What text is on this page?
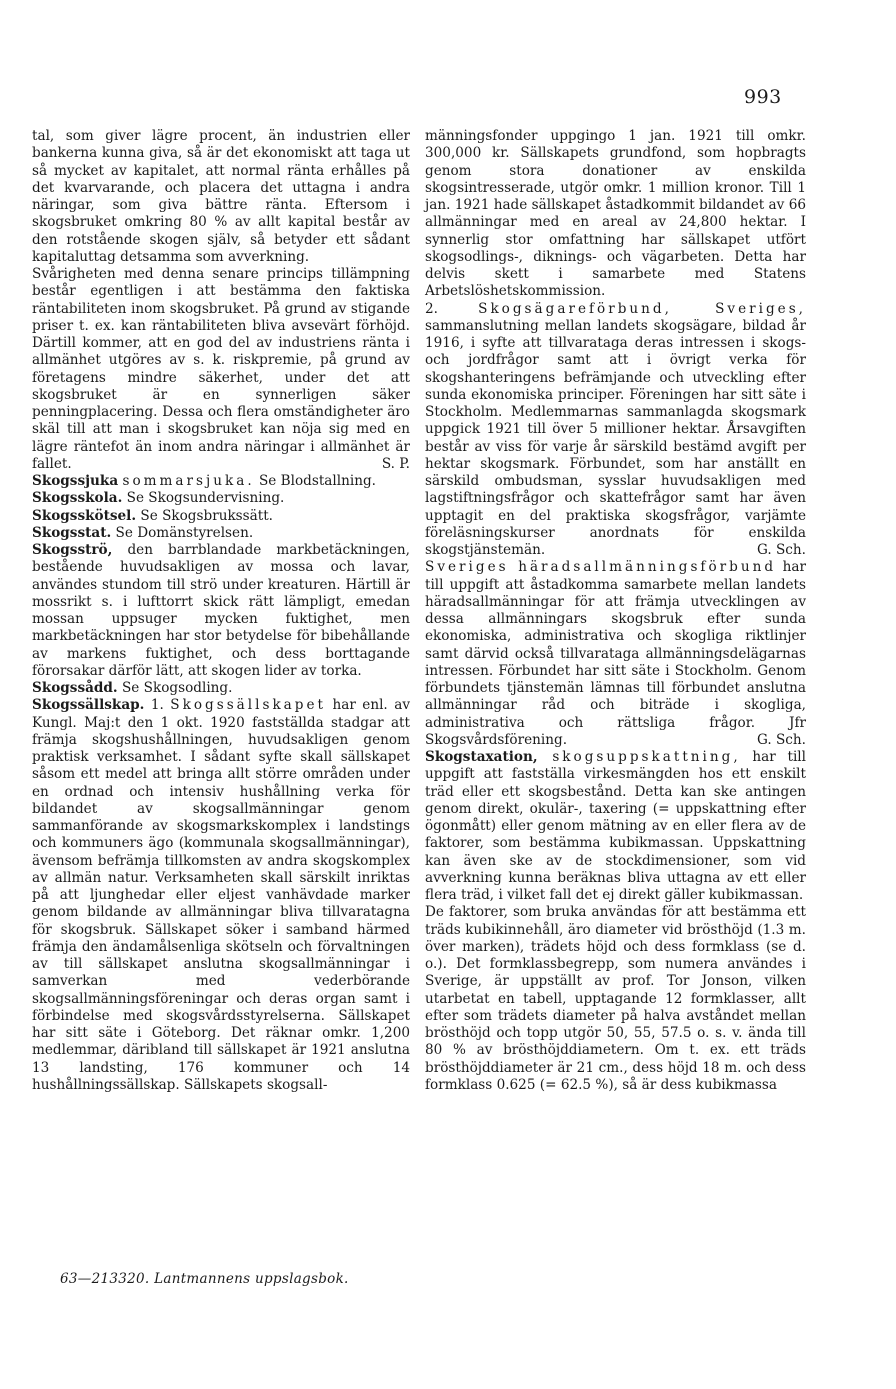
993

tal, som giver lägre procent, än industrien eller bankerna kunna giva, så är det ekonomiskt att taga ut så mycket av kapitalet, att normal ränta erhålles på det kvarvarande, och placera det uttagna i andra näringar, som giva bättre ränta. Eftersom i skogsbruket omkring 80 % av allt kapital består av den rotstående skogen själv, så betyder ett sådant kapitaluttag detsamma som avverkning.

Svårigheten med denna senare princips tillämpning består egentligen i att bestämma den faktiska räntabiliteten inom skogsbruket. På grund av stigande priser t. ex. kan räntabiliteten bliva avsevärt förhöjd. Därtill kommer, att en god del av industriens ränta i allmänhet utgöres av s. k. riskpremie, på grund av företagens mindre säkerhet, under det att skogsbruket är en synnerligen säker penningplacering. Dessa och flera omständigheter äro skäl till att man i skogsbruket kan nöja sig med en lägre räntefot än inom andra näringar i allmänhet är fallet.	S. P.

Skogssjuka sommarsjuka. Se Blodstallning.

Skogsskola. Se Skogsundervisning.

Skogsskötsel. Se Skogsbrukssätt.

Skogsstat. Se Domänstyrelsen.

Skogsströ, den barrblandade markbetäckningen, bestående huvudsakligen av mossa och lavar, användes stundom till strö under kreaturen. Härtill är mossrikt s. i lufttorrt skick rätt lämpligt, emedan mossan uppsuger mycken fuktighet, men markbetäckningen har stor betydelse för bibehållande av markens fuktighet, och dess borttagande förorsakar därför lätt, att skogen lider av torka.

Skogssådd. Se Skogsodling.

Skogssällskap. 1. Skogssällskapet har enl. av Kungl. Maj:t den 1 okt. 1920 fastställda stadgar att främja skogshushållningen, huvudsakligen genom praktisk verksamhet. I sådant syfte skall sällskapet såsom ett medel att bringa allt större områden under en ordnad och intensiv hushållning verka för bildandet av skogsallmänningar genom sammanförande av skogsmarkskomplex i landstings och kommuners ägo (kommunala skogsallmänningar), ävensom befrämja tillkomsten av andra skogskomplex av allmän natur. Verksamheten skall särskilt inriktas på att ljunghedar eller eljest vanhävdade marker genom bildande av allmänningar bliva tillvaratagna för skogsbruk. Sällskapet söker i samband härmed främja den ändamålsenliga skötseln och förvaltningen av till sällskapet anslutna skogsallmänningar i samverkan med vederbörande skogsallmänningsföreningar och deras organ samt i förbindelse med skogsvårdsstyrelserna. Sällskapet har sitt säte i Göteborg. Det räknar omkr. 1,200 medlemmar, däribland till sällskapet är 1921 anslutna 13 landsting, 176 kommuner och 14 hushållningssällskap. Sällskapets skogsall-

männingsfonder uppgingo 1 jan. 1921 till omkr. 300,000 kr. Sällskapets grundfond, som hopbragts genom stora donationer av enskilda skogsintresserade, utgör omkr. 1 million kronor. Till 1 jan. 1921 hade sällskapet åstadkommit bildandet av 66 allmänningar med en areal av 24,800 hektar. I synnerlig stor omfattning har sällskapet utfört skogsodlings-, diknings- och vägarbeten. Detta har delvis skett i samarbete med Statens Arbetslöshetskommission.

2. Skogsägareförbund, Sveriges, sammanslutning mellan landets skogsägare, bildad år 1916, i syfte att tillvarataga deras intressen i skogs- och jordfrågor samt att i övrigt verka för skogshanteringens befrämjande och utveckling efter sunda ekonomiska principer. Föreningen har sitt säte i Stockholm. Medlemmarnas sammanlagda skogsmark uppgick 1921 till över 5 millioner hektar. Årsavgiften består av viss för varje år särskild bestämd avgift per hektar skogsmark. Förbundet, som har anställt en särskild ombudsman, sysslar huvudsakligen med lagstiftningsfrågor och skattefrågor samt har även upptagit en del praktiska skogsfrågor, varjämte föreläsningskurser anordnats för enskilda skogstjänstemän.	G. Sch.

Sveriges häradsallmänningsförbund har till uppgift att åstadkomma samarbete mellan landets häradsallmänningar för att främja utvecklingen av dessa allmänningars skogsbruk efter sunda ekonomiska, administrativa och skogliga riktlinjer samt därvid också tillvarataga allmänningsdelägarnas intressen. Förbundet har sitt säte i Stockholm. Genom förbundets tjänstemän lämnas till förbundet anslutna allmänningar råd och biträde i skogliga, administrativa och rättsliga frågor. Jfr Skogsvårdsförening.	G. Sch.

Skogstaxation, skogsuppskattning, har till uppgift att fastställa virkesmängden hos ett enskilt träd eller ett skogsbestånd. Detta kan ske antingen genom direkt, okulär-, taxering (= uppskattning efter ögonmått) eller genom mätning av en eller flera av de faktorer, som bestämma kubikmassan. Uppskattning kan även ske av de stockdimensioner, som vid avverkning kunna beräknas bliva uttagna av ett eller flera träd, i vilket fall det ej direkt gäller kubikmassan.

De faktorer, som bruka användas för att bestämma ett träds kubikinnehåll, äro diameter vid brösthöjd (1.3 m. över marken), trädets höjd och dess formklass (se d. o.). Det formklassbegrepp, som numera användes i Sverige, är uppställt av prof. Tor Jonson, vilken utarbetat en tabell, upptagande 12 formklasser, allt efter som trädets diameter på halva avståndet mellan brösthöjd och topp utgör 50, 55, 57.5 o. s. v. ända till 80 % av brösthöjddiametern. Om t. ex. ett träds brösthöjddiameter är 21 cm., dess höjd 18 m. och dess formklass 0.625 (= 62.5 %), så är dess kubikmassa

63—213320. Lantmannens uppslagsbok.
